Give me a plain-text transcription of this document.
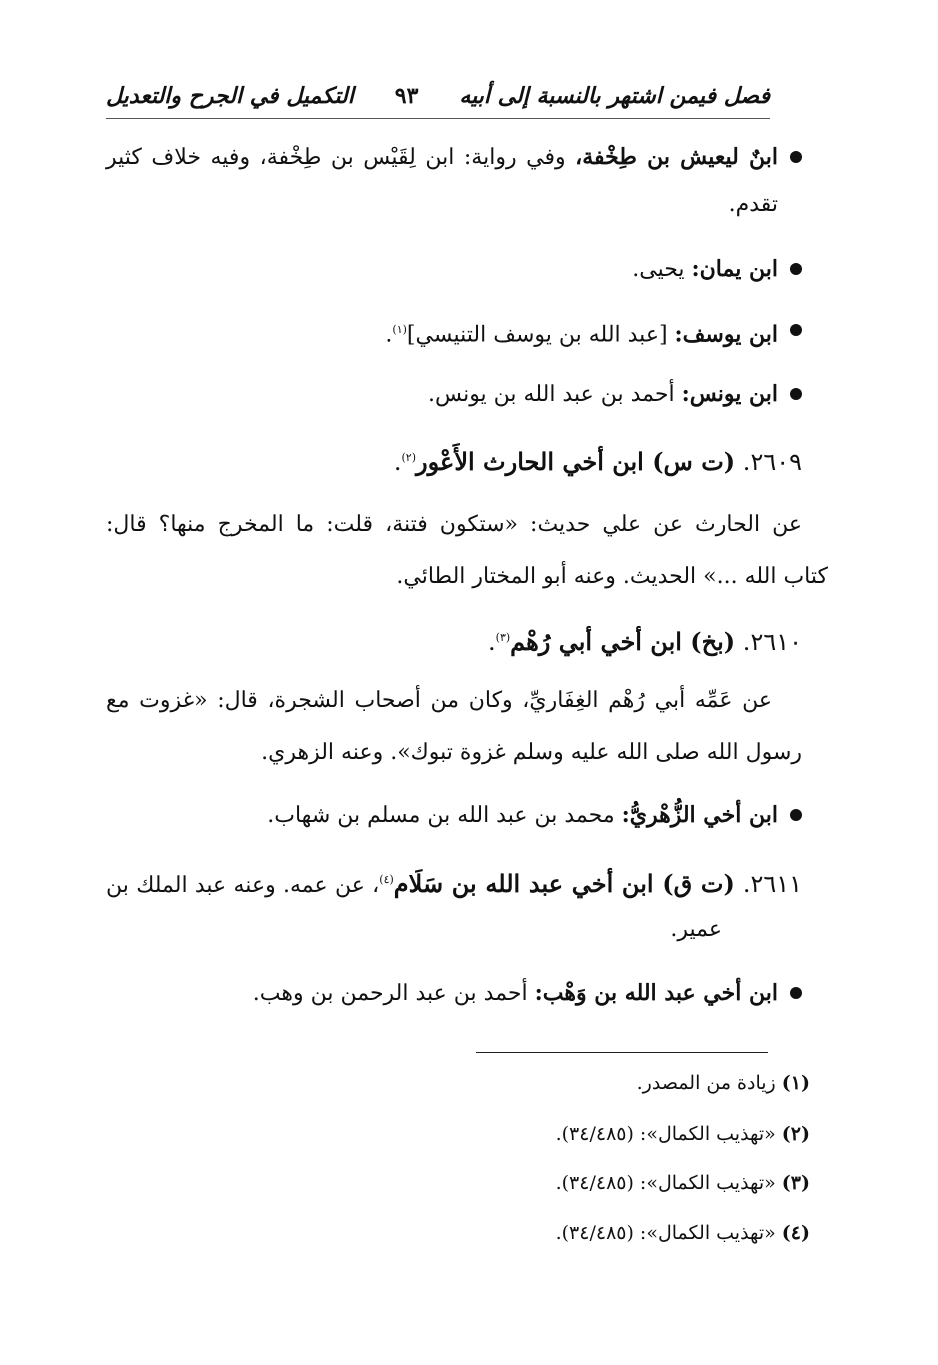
فصل فيمن اشتهر بالنسبة إلى أبيه
٩٣
التكميل في الجرح والتعديل
ابنٌ ليعيش بن طِخْفة، وفي رواية: ابن لِقَيْس بن طِخْفة، وفيه خلاف كثير
تقدم.
ابن يمان: يحيى.
ابن يوسف: [عبد الله بن يوسف التنيسي]$^{(١)}$.
ابن يونس: أحمد بن عبد الله بن يونس.
٢٦٠٩. (ت س) ابن أخي الحارث الأَعْور$^{(٢)}$.
عن الحارث عن علي حديث: «ستكون فتنة، قلت: ما المخرج منها؟ قال:
كتاب الله ...» الحديث. وعنه أبو المختار الطائي.
٢٦١٠. (بخ) ابن أخي أبي رُهْم$^{(٣)}$.
عن عَمِّه أبي رُهْم الغِفَاريِّ، وكان من أصحاب الشجرة، قال: «غزوت مع
رسول الله صلى الله عليه وسلم غزوة تبوك». وعنه الزهري.
ابن أخي الزُّهْريُّ: محمد بن عبد الله بن مسلم بن شهاب.
٢٦١١. (ت ق) ابن أخي عبد الله بن سَلَام$^{(٤)}$، عن عمه. وعنه عبد الملك بن
عمير.
ابن أخي عبد الله بن وَهْب: أحمد بن عبد الرحمن بن وهب.
(١) زيادة من المصدر.
(٢) «تهذيب الكمال»: (٣٤/٤٨٥).
(٣) «تهذيب الكمال»: (٣٤/٤٨٥).
(٤) «تهذيب الكمال»: (٣٤/٤٨٥).
